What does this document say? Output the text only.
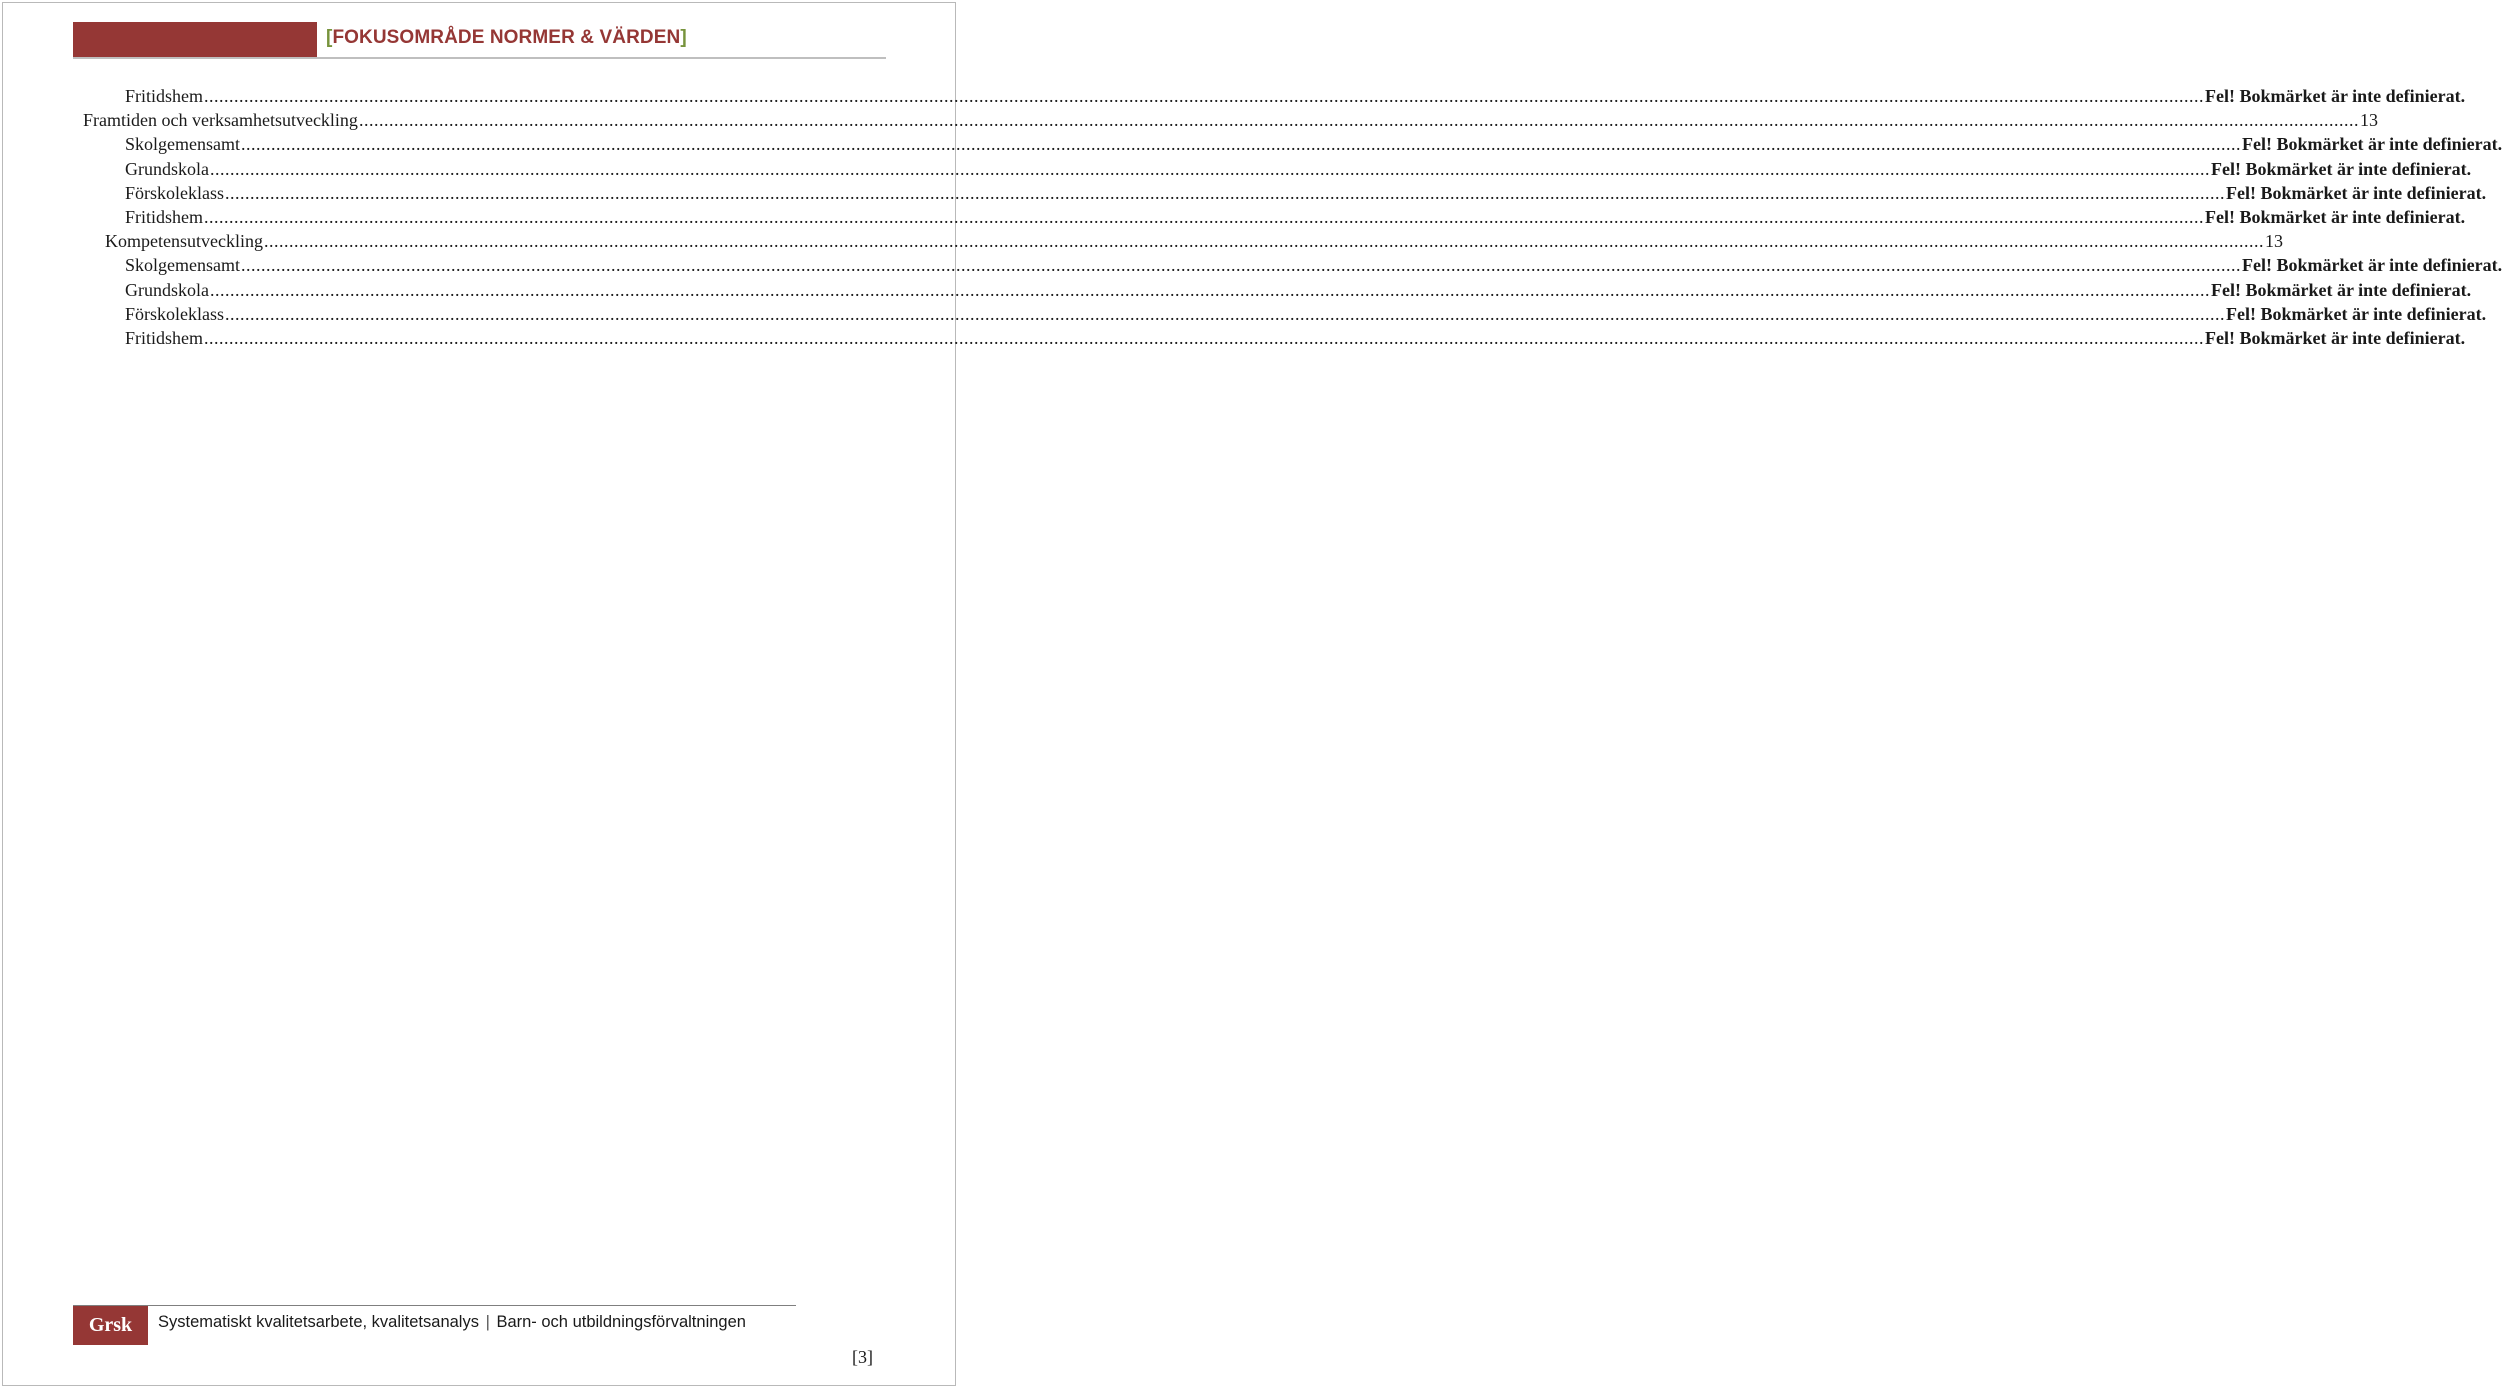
[FOKUSOMRÅDE NORMER & VÄRDEN]
Fritidshem ................................................................................................................................................................................................................................................................................................................................................................................................................ Fel! Bokmärket är inte definierat.
Framtiden och verksamhetsutveckling ................................................................................................................................................................................................................................................................................................................................................................................................................ 13
Skolgemensamt ................................................................................................................................................................................................................................................................................................................................................................................................................ Fel! Bokmärket är inte definierat.
Grundskola ................................................................................................................................................................................................................................................................................................................................................................................................................ Fel! Bokmärket är inte definierat.
Förskoleklass ................................................................................................................................................................................................................................................................................................................................................................................................................ Fel! Bokmärket är inte definierat.
Fritidshem ................................................................................................................................................................................................................................................................................................................................................................................................................ Fel! Bokmärket är inte definierat.
Kompetensutveckling ................................................................................................................................................................................................................................................................................................................................................................................................................ 13
Skolgemensamt ................................................................................................................................................................................................................................................................................................................................................................................................................ Fel! Bokmärket är inte definierat.
Grundskola ................................................................................................................................................................................................................................................................................................................................................................................................................ Fel! Bokmärket är inte definierat.
Förskoleklass ................................................................................................................................................................................................................................................................................................................................................................................................................ Fel! Bokmärket är inte definierat.
Fritidshem ................................................................................................................................................................................................................................................................................................................................................................................................................ Fel! Bokmärket är inte definierat.
Grsk	Systematiskt kvalitetsarbete, kvalitetsanalys | Barn- och utbildningsförvaltningen
[3]
